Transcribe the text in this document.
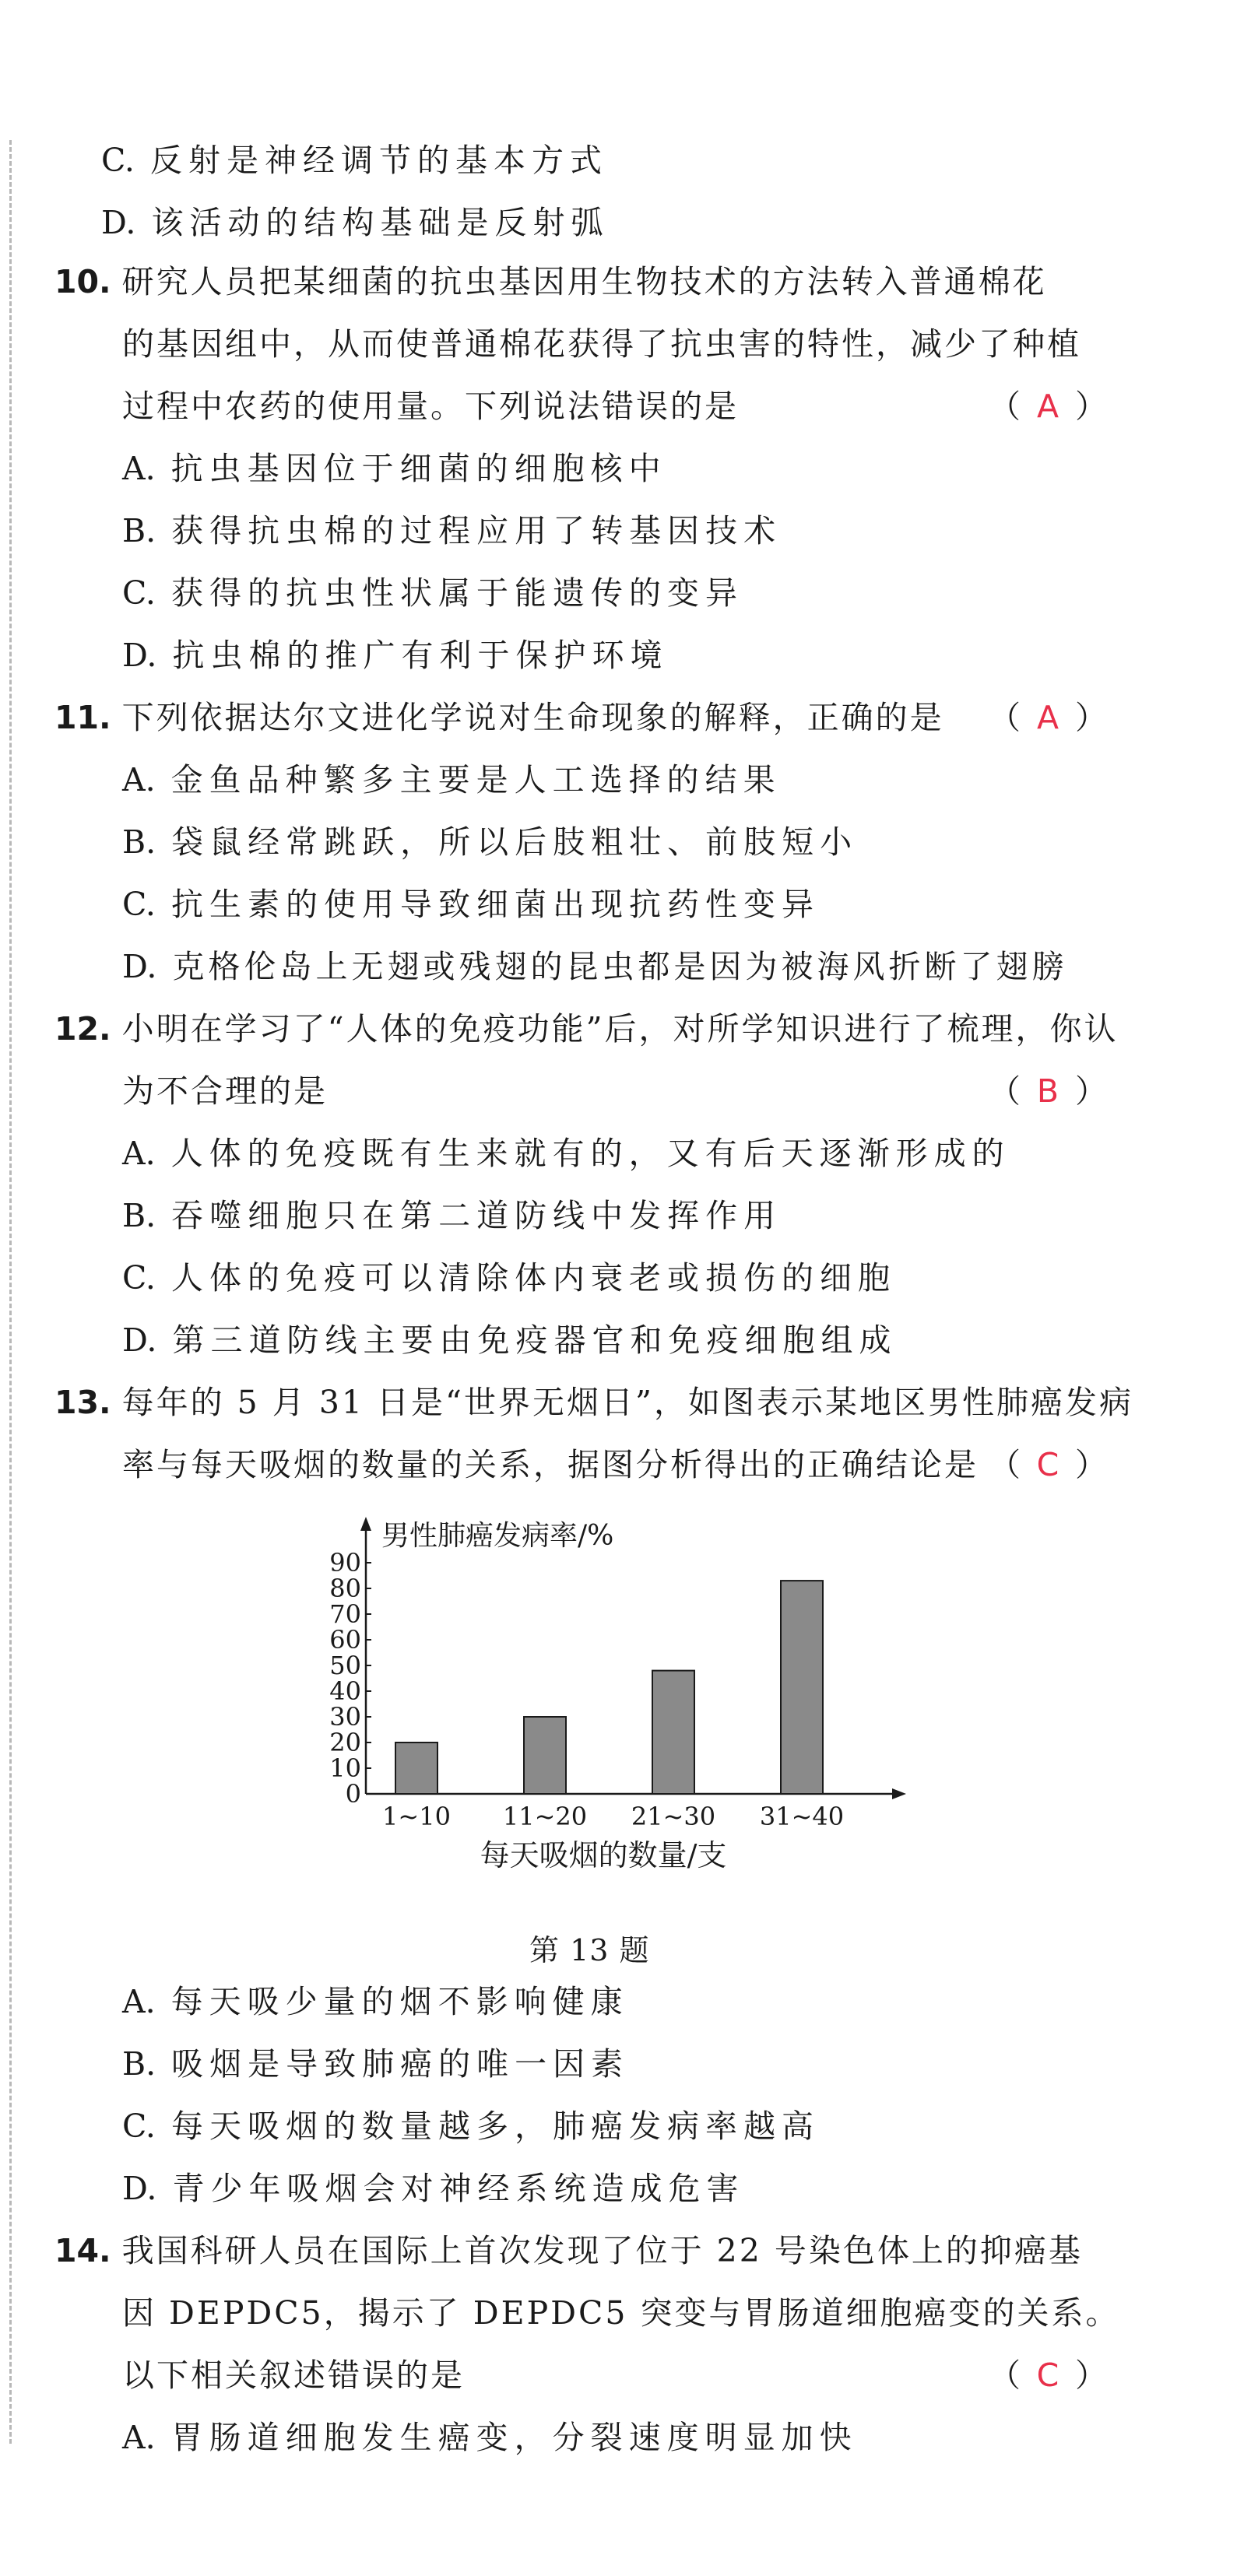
C. 反射是神经调节的基本方式
D. 该活动的结构基础是反射弧
10. 研究人员把某细菌的抗虫基因用生物技术的方法转入普通棉花
的基因组中，从而使普通棉花获得了抗虫害的特性，减少了种植
过程中农药的使用量。下列说法错误的是	（ A ）
A. 抗虫基因位于细菌的细胞核中
B. 获得抗虫棉的过程应用了转基因技术
C. 获得的抗虫性状属于能遗传的变异
D. 抗虫棉的推广有利于保护环境
11. 下列依据达尔文进化学说对生命现象的解释，正确的是 （ A ）
A. 金鱼品种繁多主要是人工选择的结果
B. 袋鼠经常跳跃，所以后肢粗壮、前肢短小
C. 抗生素的使用导致细菌出现抗药性变异
D. 克格伦岛上无翅或残翅的昆虫都是因为被海风折断了翅膀
12. 小明在学习了“人体的免疫功能”后，对所学知识进行了梳理，你认
为不合理的是	（ B ）
A. 人体的免疫既有生来就有的，又有后天逐渐形成的
B. 吞噬细胞只在第二道防线中发挥作用
C. 人体的免疫可以清除体内衰老或损伤的细胞
D. 第三道防线主要由免疫器官和免疫细胞组成
13. 每年的 5 月 31 日是“世界无烟日”，如图表示某地区男性肺癌发病
率与每天吸烟的数量的关系，据图分析得出的正确结论是 （ C ）
0
10
20
30
40
50
60
70
80
90
男性肺癌发病率/%
1~10 11~20 21~30 31~40
每天吸烟的数量/支
第 13 题
A. 每天吸少量的烟不影响健康
B. 吸烟是导致肺癌的唯一因素
C. 每天吸烟的数量越多，肺癌发病率越高
D. 青少年吸烟会对神经系统造成危害
14. 我国科研人员在国际上首次发现了位于 22 号染色体上的抑癌基
因 DEPDC5，揭示了 DEPDC5 突变与胃肠道细胞癌变的关系。
以下相关叙述错误的是	（ C ）
A. 胃肠道细胞发生癌变，分裂速度明显加快
